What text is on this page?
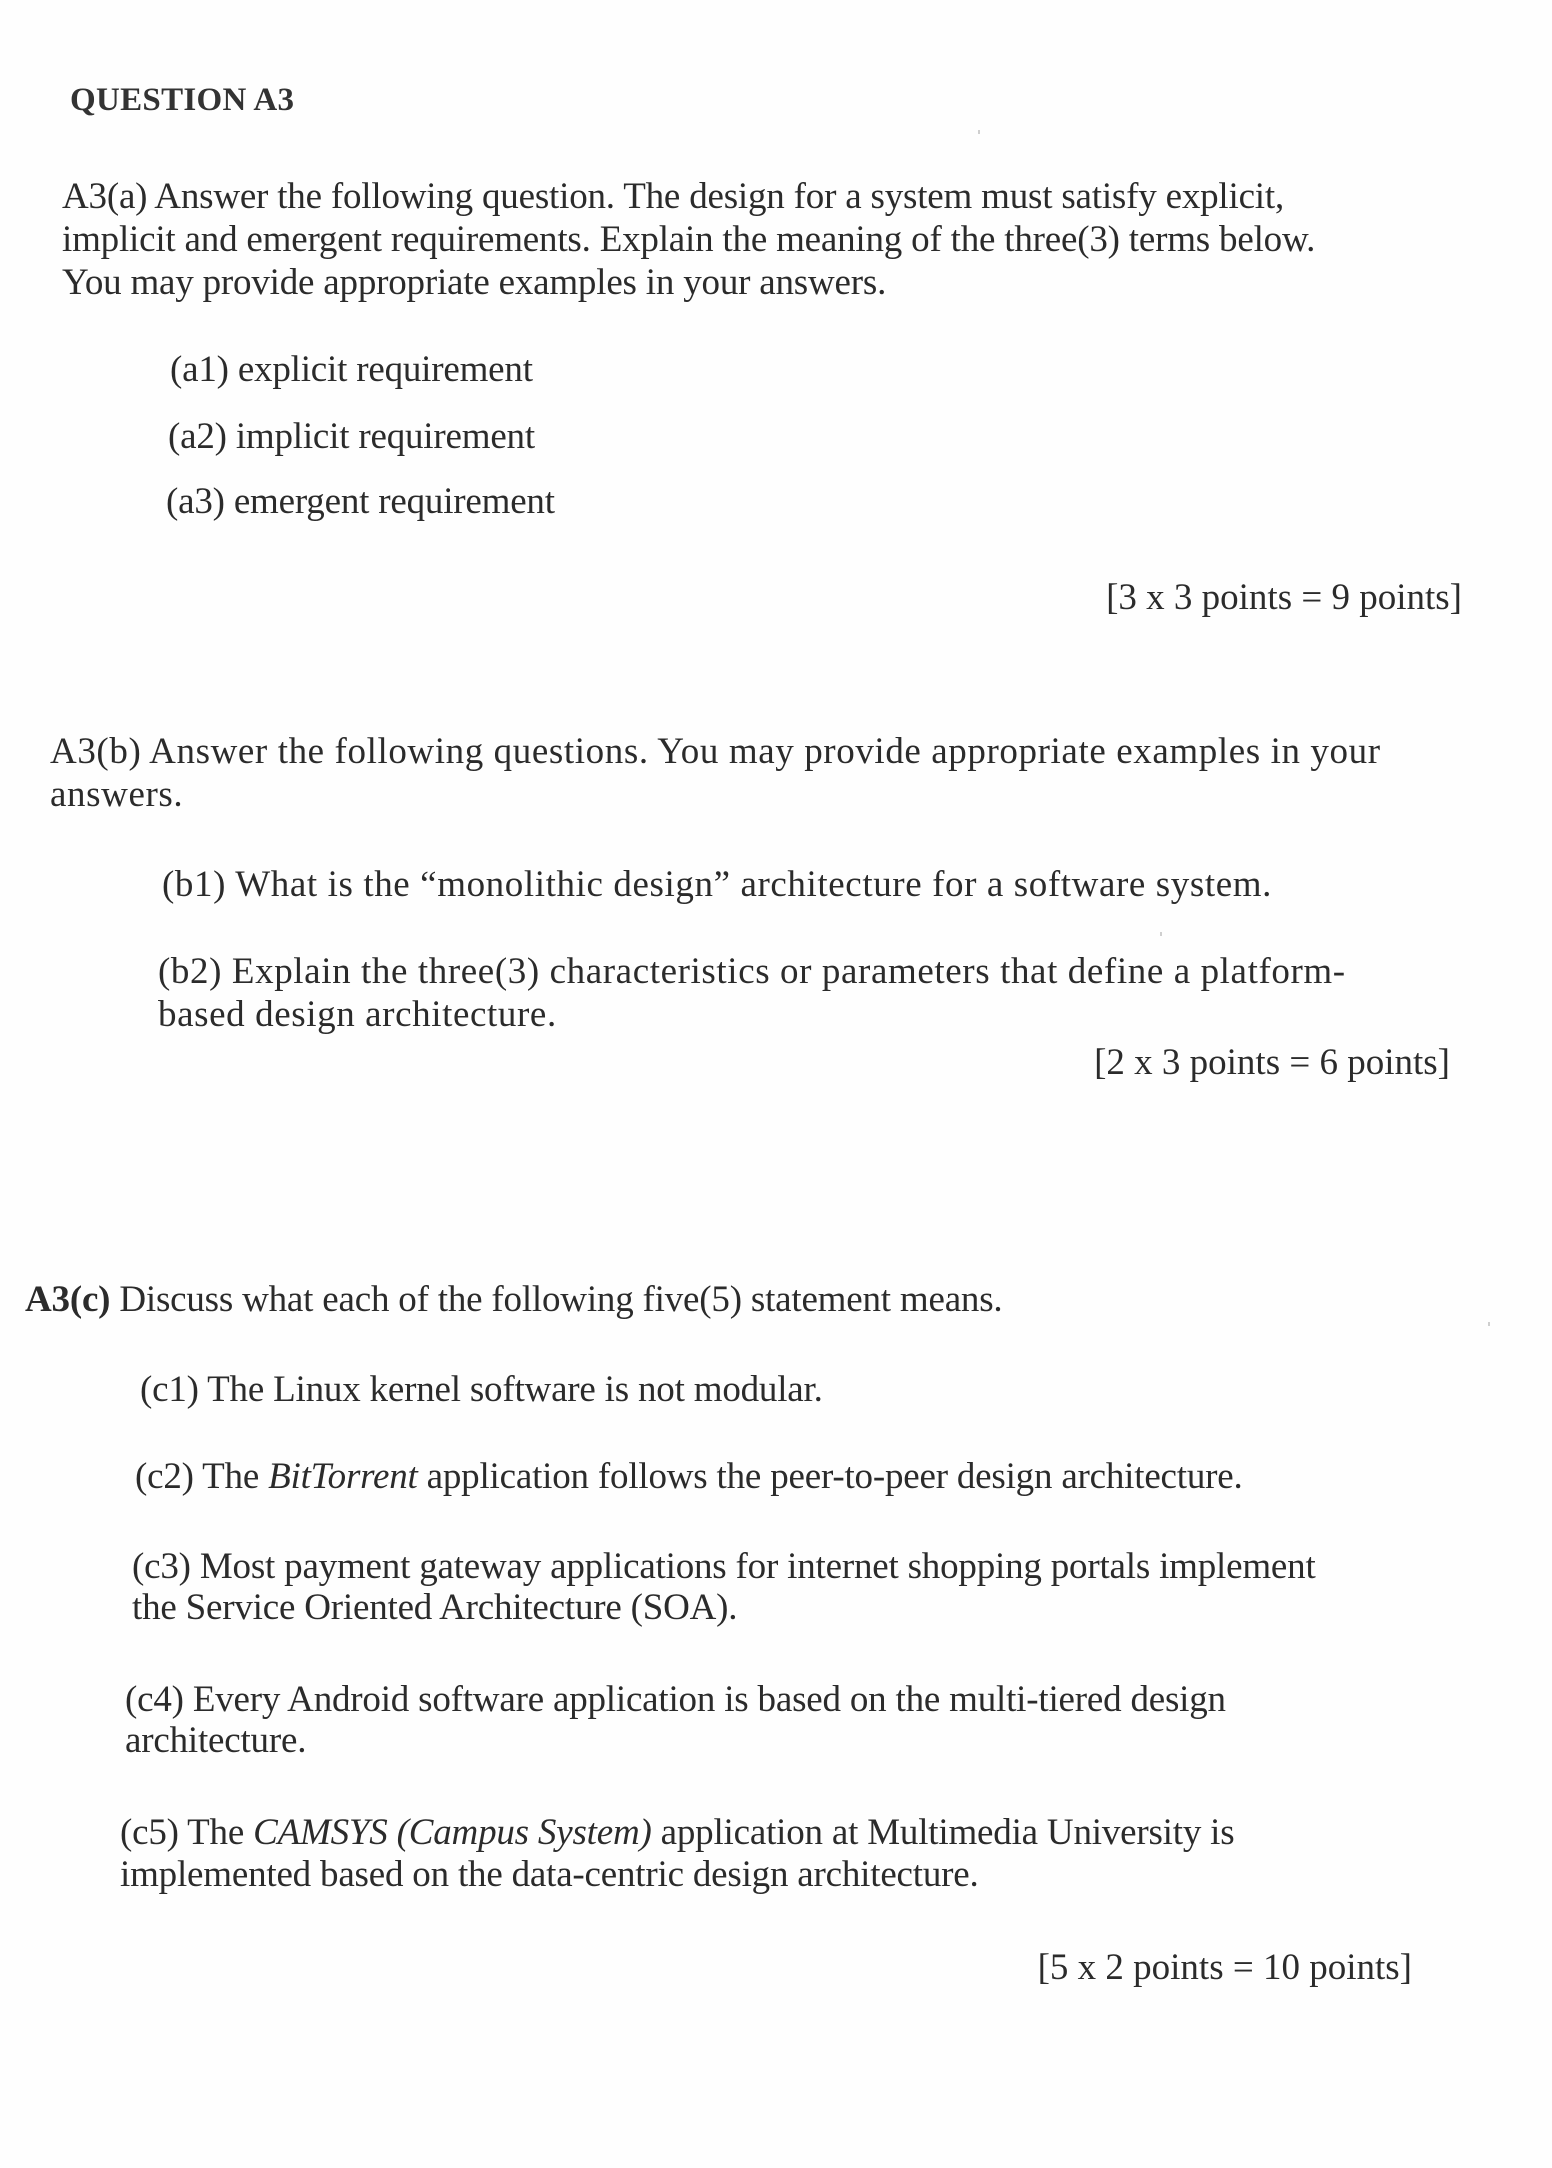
QUESTION A3
A3(a) Answer the following question. The design for a system must satisfy explicit,
implicit and emergent requirements. Explain the meaning of the three(3) terms below.
You may provide appropriate examples in your answers.
(a1) explicit requirement
(a2) implicit requirement
(a3) emergent requirement
[3 x 3 points = 9 points]
A3(b) Answer the following questions. You may provide appropriate examples in your
answers.
(b1) What is the “monolithic design” architecture for a software system.
(b2) Explain the three(3) characteristics or parameters that define a platform-
based design architecture.
[2 x 3 points = 6 points]
A3(c) Discuss what each of the following five(5) statement means.
(c1) The Linux kernel software is not modular.
(c2) The BitTorrent application follows the peer-to-peer design architecture.
(c3) Most payment gateway applications for internet shopping portals implement
the Service Oriented Architecture (SOA).
(c4) Every Android software application is based on the multi-tiered design
architecture.
(c5) The CAMSYS (Campus System) application at Multimedia University is
implemented based on the data-centric design architecture.
[5 x 2 points = 10 points]
